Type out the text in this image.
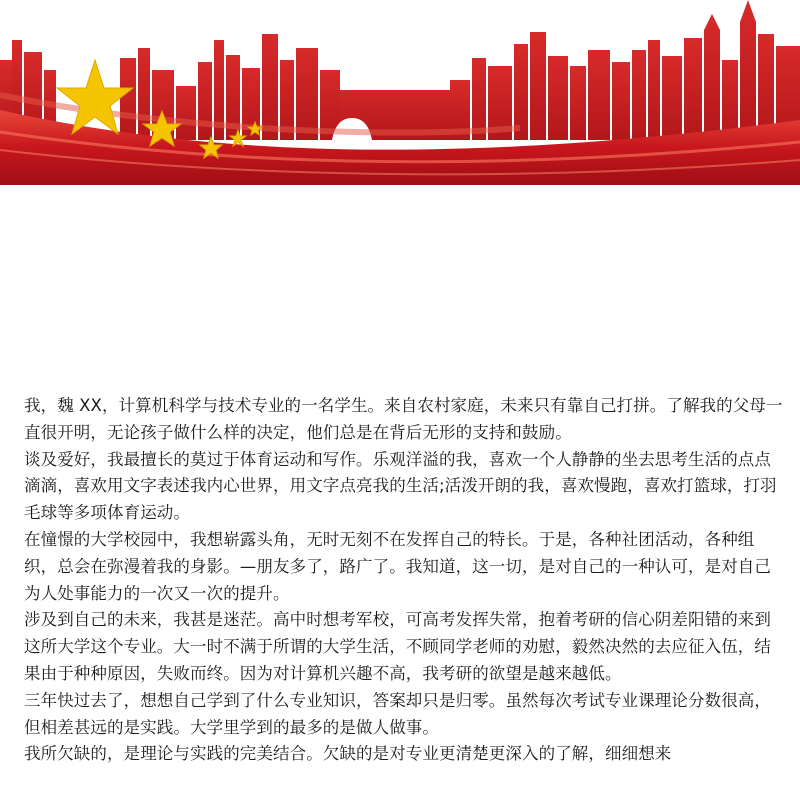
我，魏 XX，计算机科学与技术专业的一名学生。来自农村家庭，未来只有靠自己打拼。了解我的父母一直很开明，无论孩子做什么样的决定，他们总是在背后无形的支持和鼓励。

谈及爱好，我最擅长的莫过于体育运动和写作。乐观洋溢的我，喜欢一个人静静的坐去思考生活的点点滴滴，喜欢用文字表述我内心世界，用文字点亮我的生活;活泼开朗的我，喜欢慢跑，喜欢打篮球，打羽毛球等多项体育运动。

在憧憬的大学校园中，我想崭露头角，无时无刻不在发挥自己的特长。于是，各种社团活动，各种组织，总会在弥漫着我的身影。—朋友多了，路广了。我知道，这一切，是对自己的一种认可，是对自己为人处事能力的一次又一次的提升。

涉及到自己的未来，我甚是迷茫。高中时想考军校，可高考发挥失常，抱着考研的信心阴差阳错的来到这所大学这个专业。大一时不满于所谓的大学生活，不顾同学老师的劝慰，毅然决然的去应征入伍，结果由于种种原因，失败而终。因为对计算机兴趣不高，我考研的欲望是越来越低。

三年快过去了，想想自己学到了什么专业知识，答案却只是归零。虽然每次考试专业课理论分数很高，但相差甚远的是实践。大学里学到的最多的是做人做事。

我所欠缺的，是理论与实践的完美结合。欠缺的是对专业更清楚更深入的了解，细细想来
